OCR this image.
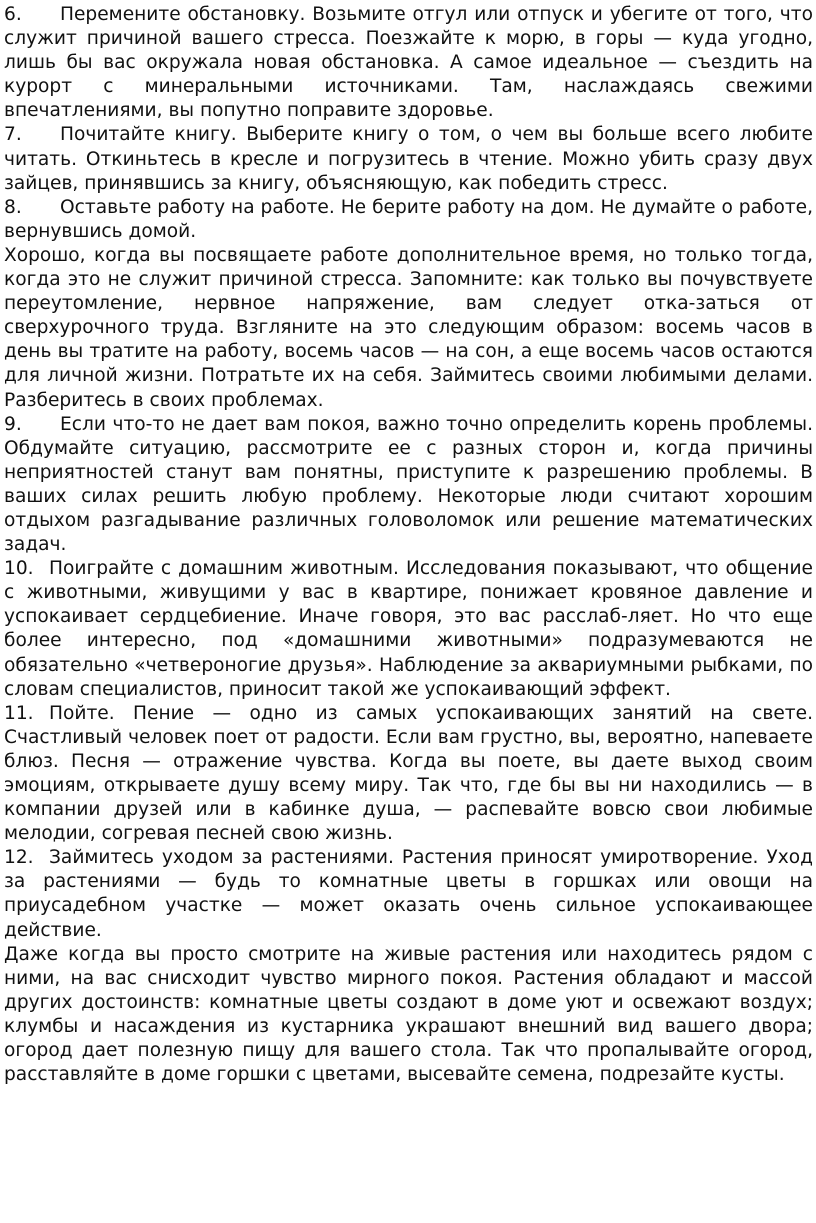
6. Перемените обстановку. Возьмите отгул или отпуск и убегите от того, что служит причиной вашего стресса. Поезжайте к морю, в горы — куда угодно, лишь бы вас окружала новая обстановка. А самое идеальное — съездить на курорт с минеральными источниками. Там, наслаждаясь свежими впечатлениями, вы попутно поправите здоровье.

7. Почитайте книгу. Выберите книгу о том, о чем вы больше всего любите читать. Откиньтесь в кресле и погрузитесь в чтение. Можно убить сразу двух зайцев, принявшись за книгу, объясняющую, как победить стресс.

8. Оставьте работу на работе. Не берите работу на дом. Не думайте о работе, вернувшись домой.

Хорошо, когда вы посвящаете работе дополнительное время, но только тогда, когда это не служит причиной стресса. Запомните: как только вы почувствуете переутомление, нервное напряжение, вам следует отка-заться от сверхурочного труда. Взгляните на это следующим образом: восемь часов в день вы тратите на работу, восемь часов — на сон, а еще восемь часов остаются для личной жизни. Потратьте их на себя. Займитесь своими любимыми делами. Разберитесь в своих проблемах.

9. Если что-то не дает вам покоя, важно точно определить корень проблемы. Обдумайте ситуацию, рассмотрите ее с разных сторон и, когда причины неприятностей станут вам понятны, приступите к разрешению проблемы. В ваших силах решить любую проблему. Некоторые люди считают хорошим отдыхом разгадывание различных головоломок или решение математических задач.

10. Поиграйте с домашним животным. Исследования показывают, что общение с животными, живущими у вас в квартире, понижает кровяное давление и успокаивает сердцебиение. Иначе говоря, это вас расслаб-ляет. Но что еще более интересно, под «домашними животными» подразумеваются не обязательно «четвероногие друзья». Наблюдение за аквариумными рыбками, по словам специалистов, приносит такой же успокаивающий эффект.

11. Пойте. Пение — одно из самых успокаивающих занятий на свете. Счастливый человек поет от радости. Если вам грустно, вы, вероятно, напеваете блюз. Песня — отражение чувства. Когда вы поете, вы даете выход своим эмоциям, открываете душу всему миру. Так что, где бы вы ни находились — в компании друзей или в кабинке душа, — распевайте вовсю свои любимые мелодии, согревая песней свою жизнь.

12. Займитесь уходом за растениями. Растения приносят умиротворение. Уход за растениями — будь то комнатные цветы в горшках или овощи на приусадебном участке — может оказать очень сильное успокаивающее действие.

Даже когда вы просто смотрите на живые растения или находитесь рядом с ними, на вас снисходит чувство мирного покоя. Растения обладают и массой других достоинств: комнатные цветы создают в доме уют и освежают воздух; клумбы и насаждения из кустарника украшают внешний вид вашего двора; огород дает полезную пищу для вашего стола. Так что пропалывайте огород, расставляйте в доме горшки с цветами, высевайте семена, подрезайте кусты.
